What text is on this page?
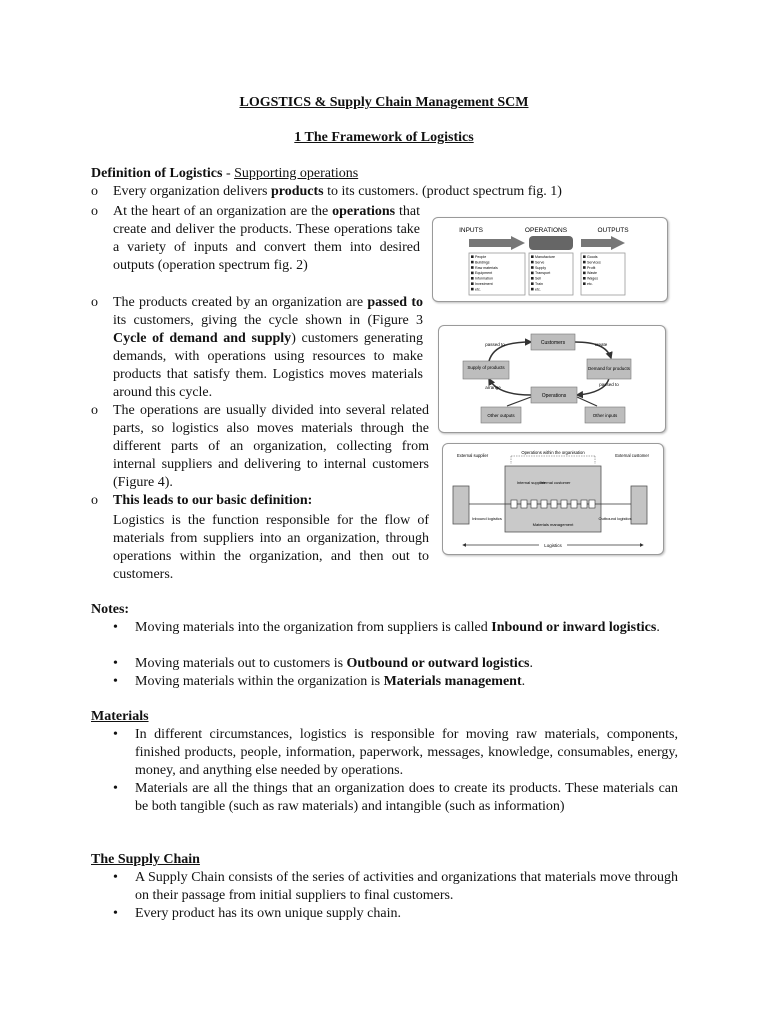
LOGSTICS & Supply Chain Management SCM
1 The Framework of Logistics
Definition of Logistics - Supporting operations
o Every organization delivers products to its customers. (product spectrum fig. 1)
o At the heart of an organization are the operations that create and deliver the products. These operations take a variety of inputs and convert them into desired outputs (operation spectrum fig. 2)
o The products created by an organization are passed to its customers, giving the cycle shown in (Figure 3 Cycle of demand and supply) customers generating demands, with operations using resources to make products that satisfy them. Logistics moves materials around this cycle.
o The operations are usually divided into several related parts, so logistics also moves materials through the different parts of an organization, collecting from internal suppliers and delivering to internal customers (Figure 4).
o This leads to our basic definition:
Logistics is the function responsible for the flow of materials from suppliers into an organization, through operations within the organization, and then out to customers.
INPUTS	OPERATIONS	OUTPUTS
People
Buildings
Raw materials
Equipment
Information
Investment
etc.
Manufacture
Serve
Supply
Transport
Sell
Train
etc.
Goods
Services
Profit
Waste
Wages
etc.
Customers
Supply of products	Demand for products
Operations
Other outputs	Other inputs
passed to	create
arrange
passed to
External supplier
Operations within the organisation
External customer
Internal supplier
Internal customer
Inbound logistics
Materials management
Outbound logistics
Logistics
Notes:
• Moving materials into the organization from suppliers is called Inbound or inward logistics.
• Moving materials out to customers is Outbound or outward logistics.
• Moving materials within the organization is Materials management.
Materials
• In different circumstances, logistics is responsible for moving raw materials, components, finished products, people, information, paperwork, messages, knowledge, consumables, energy, money, and anything else needed by operations.
• Materials are all the things that an organization does to create its products. These materials can be both tangible (such as raw materials) and intangible (such as information)
The Supply Chain
• A Supply Chain consists of the series of activities and organizations that materials move through on their passage from initial suppliers to final customers.
• Every product has its own unique supply chain.
